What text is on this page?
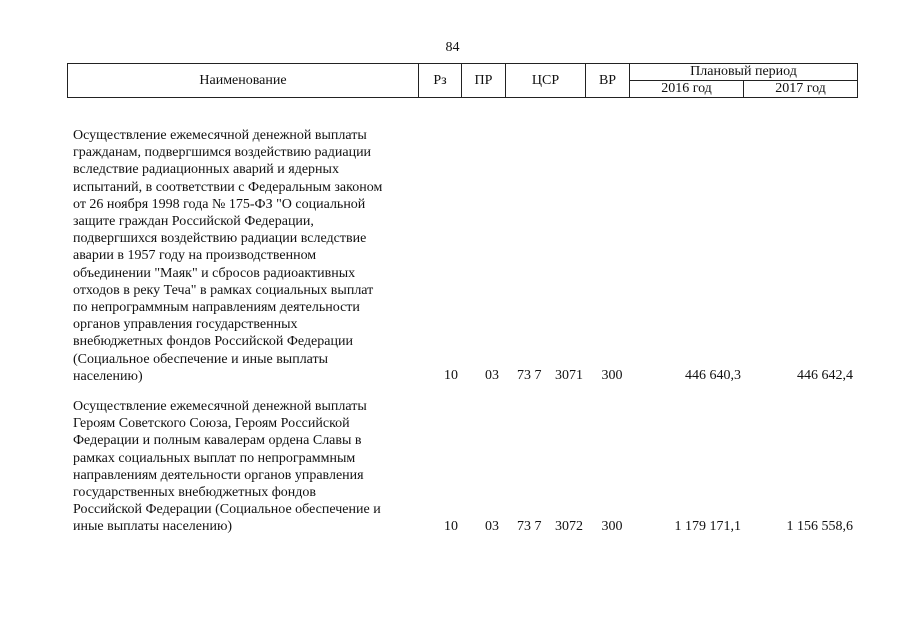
84
Наименование	Рз	ПР	ЦСР	ВР	Плановый период	
					2016 год	2017 год
Осуществление ежемесячной денежной выплаты
гражданам, подвергшимся воздействию радиации
вследствие радиационных аварий и ядерных
испытаний, в соответствии с Федеральным законом
от 26 ноября 1998 года № 175-ФЗ "О социальной
защите граждан Российской Федерации,
подвергшихся воздействию радиации вследствие
аварии в 1957 году на производственном
объединении "Маяк" и сбросов радиоактивных
отходов в реку Теча" в рамках социальных выплат
по непрограммным направлениям деятельности
органов управления государственных
внебюджетных фондов Российской Федерации
(Социальное обеспечение и иные выплаты
населению)	10	03	73 7 3071	300	446 640,3	446 642,4
Осуществление ежемесячной денежной выплаты
Героям Советского Союза, Героям Российской
Федерации и полным кавалерам ордена Славы в
рамках социальных выплат по непрограммным
направлениям деятельности органов управления
государственных внебюджетных фондов
Российской Федерации (Социальное обеспечение и
иные выплаты населению)	10	03	73 7 3072	300	1 179 171,1	1 156 558,6
